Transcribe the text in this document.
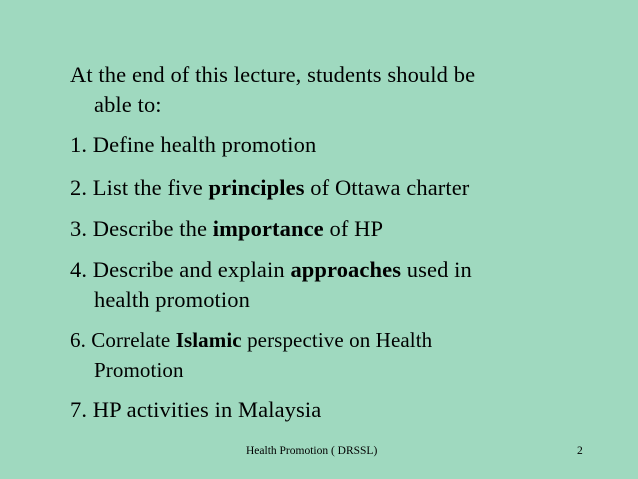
At the end of this lecture, students should be
able to:
1. Define health promotion
2. List the five principles of Ottawa charter
3. Describe the importance of HP
4. Describe and explain approaches used in
health promotion
6. Correlate Islamic perspective on Health
Promotion
7. HP activities in Malaysia
Health Promotion ( DRSSL)	2
